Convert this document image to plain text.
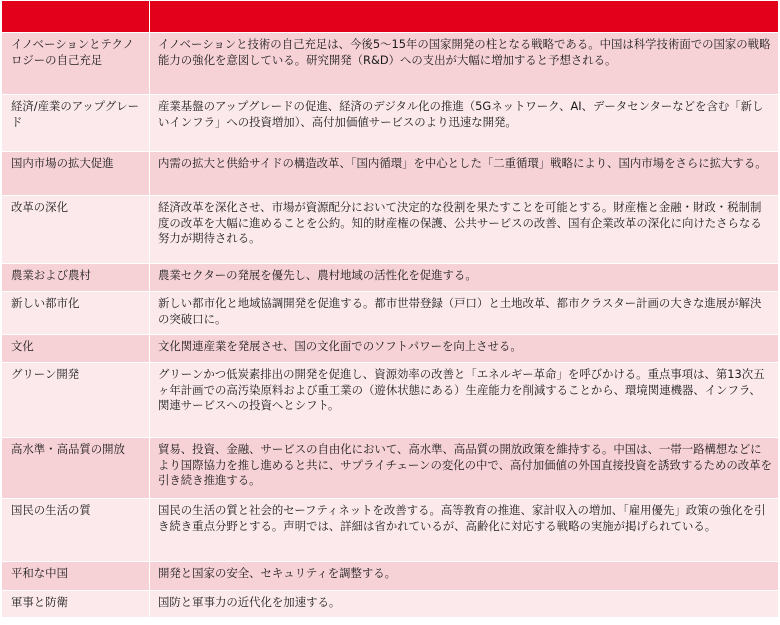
イノベーションとテクノロジーの自己充足	イノベーションと技術の自己充足は、今後5～15年の国家開発の柱となる戦略である。中国は科学技術面での国家の戦略能力の強化を意図している。研究開発（R&D）への支出が大幅に増加すると予想される。
経済/産業のアップグレード	産業基盤のアップグレードの促進、経済のデジタル化の推進（5Gネットワーク、AI、データセンターなどを含む「新しいインフラ」への投資増加）、高付加価値サービスのより迅速な開発。
国内市場の拡大促進	内需の拡大と供給サイドの構造改革、「国内循環」を中心とした「二重循環」戦略により、国内市場をさらに拡大する。
改革の深化	経済改革を深化させ、市場が資源配分において決定的な役割を果たすことを可能とする。財産権と金融・財政・税制制度の改革を大幅に進めることを公約。知的財産権の保護、公共サービスの改善、国有企業改革の深化に向けたさらなる努力が期待される。
農業および農村	農業セクターの発展を優先し、農村地域の活性化を促進する。
新しい都市化	新しい都市化と地域協調開発を促進する。都市世帯登録（戸口）と土地改革、都市クラスター計画の大きな進展が解決の突破口に。
文化	文化関連産業を発展させ、国の文化面でのソフトパワーを向上させる。
グリーン開発	グリーンかつ低炭素排出の開発を促進し、資源効率の改善と「エネルギー革命」を呼びかける。重点事項は、第13次五ヶ年計画での高汚染原料および重工業の（遊休状態にある）生産能力を削減することから、環境関連機器、インフラ、関連サービスへの投資へとシフト。
高水準・高品質の開放	貿易、投資、金融、サービスの自由化において、高水準、高品質の開放政策を維持する。中国は、一帯一路構想などにより国際協力を推し進めると共に、サプライチェーンの変化の中で、高付加価値の外国直接投資を誘致するための改革を引き続き推進する。
国民の生活の質	国民の生活の質と社会的セーフティネットを改善する。高等教育の推進、家計収入の増加、「雇用優先」政策の強化を引き続き重点分野とする。声明では、詳細は省かれているが、高齢化に対応する戦略の実施が掲げられている。
平和な中国	開発と国家の安全、セキュリティを調整する。
軍事と防衛	国防と軍事力の近代化を加速する。
